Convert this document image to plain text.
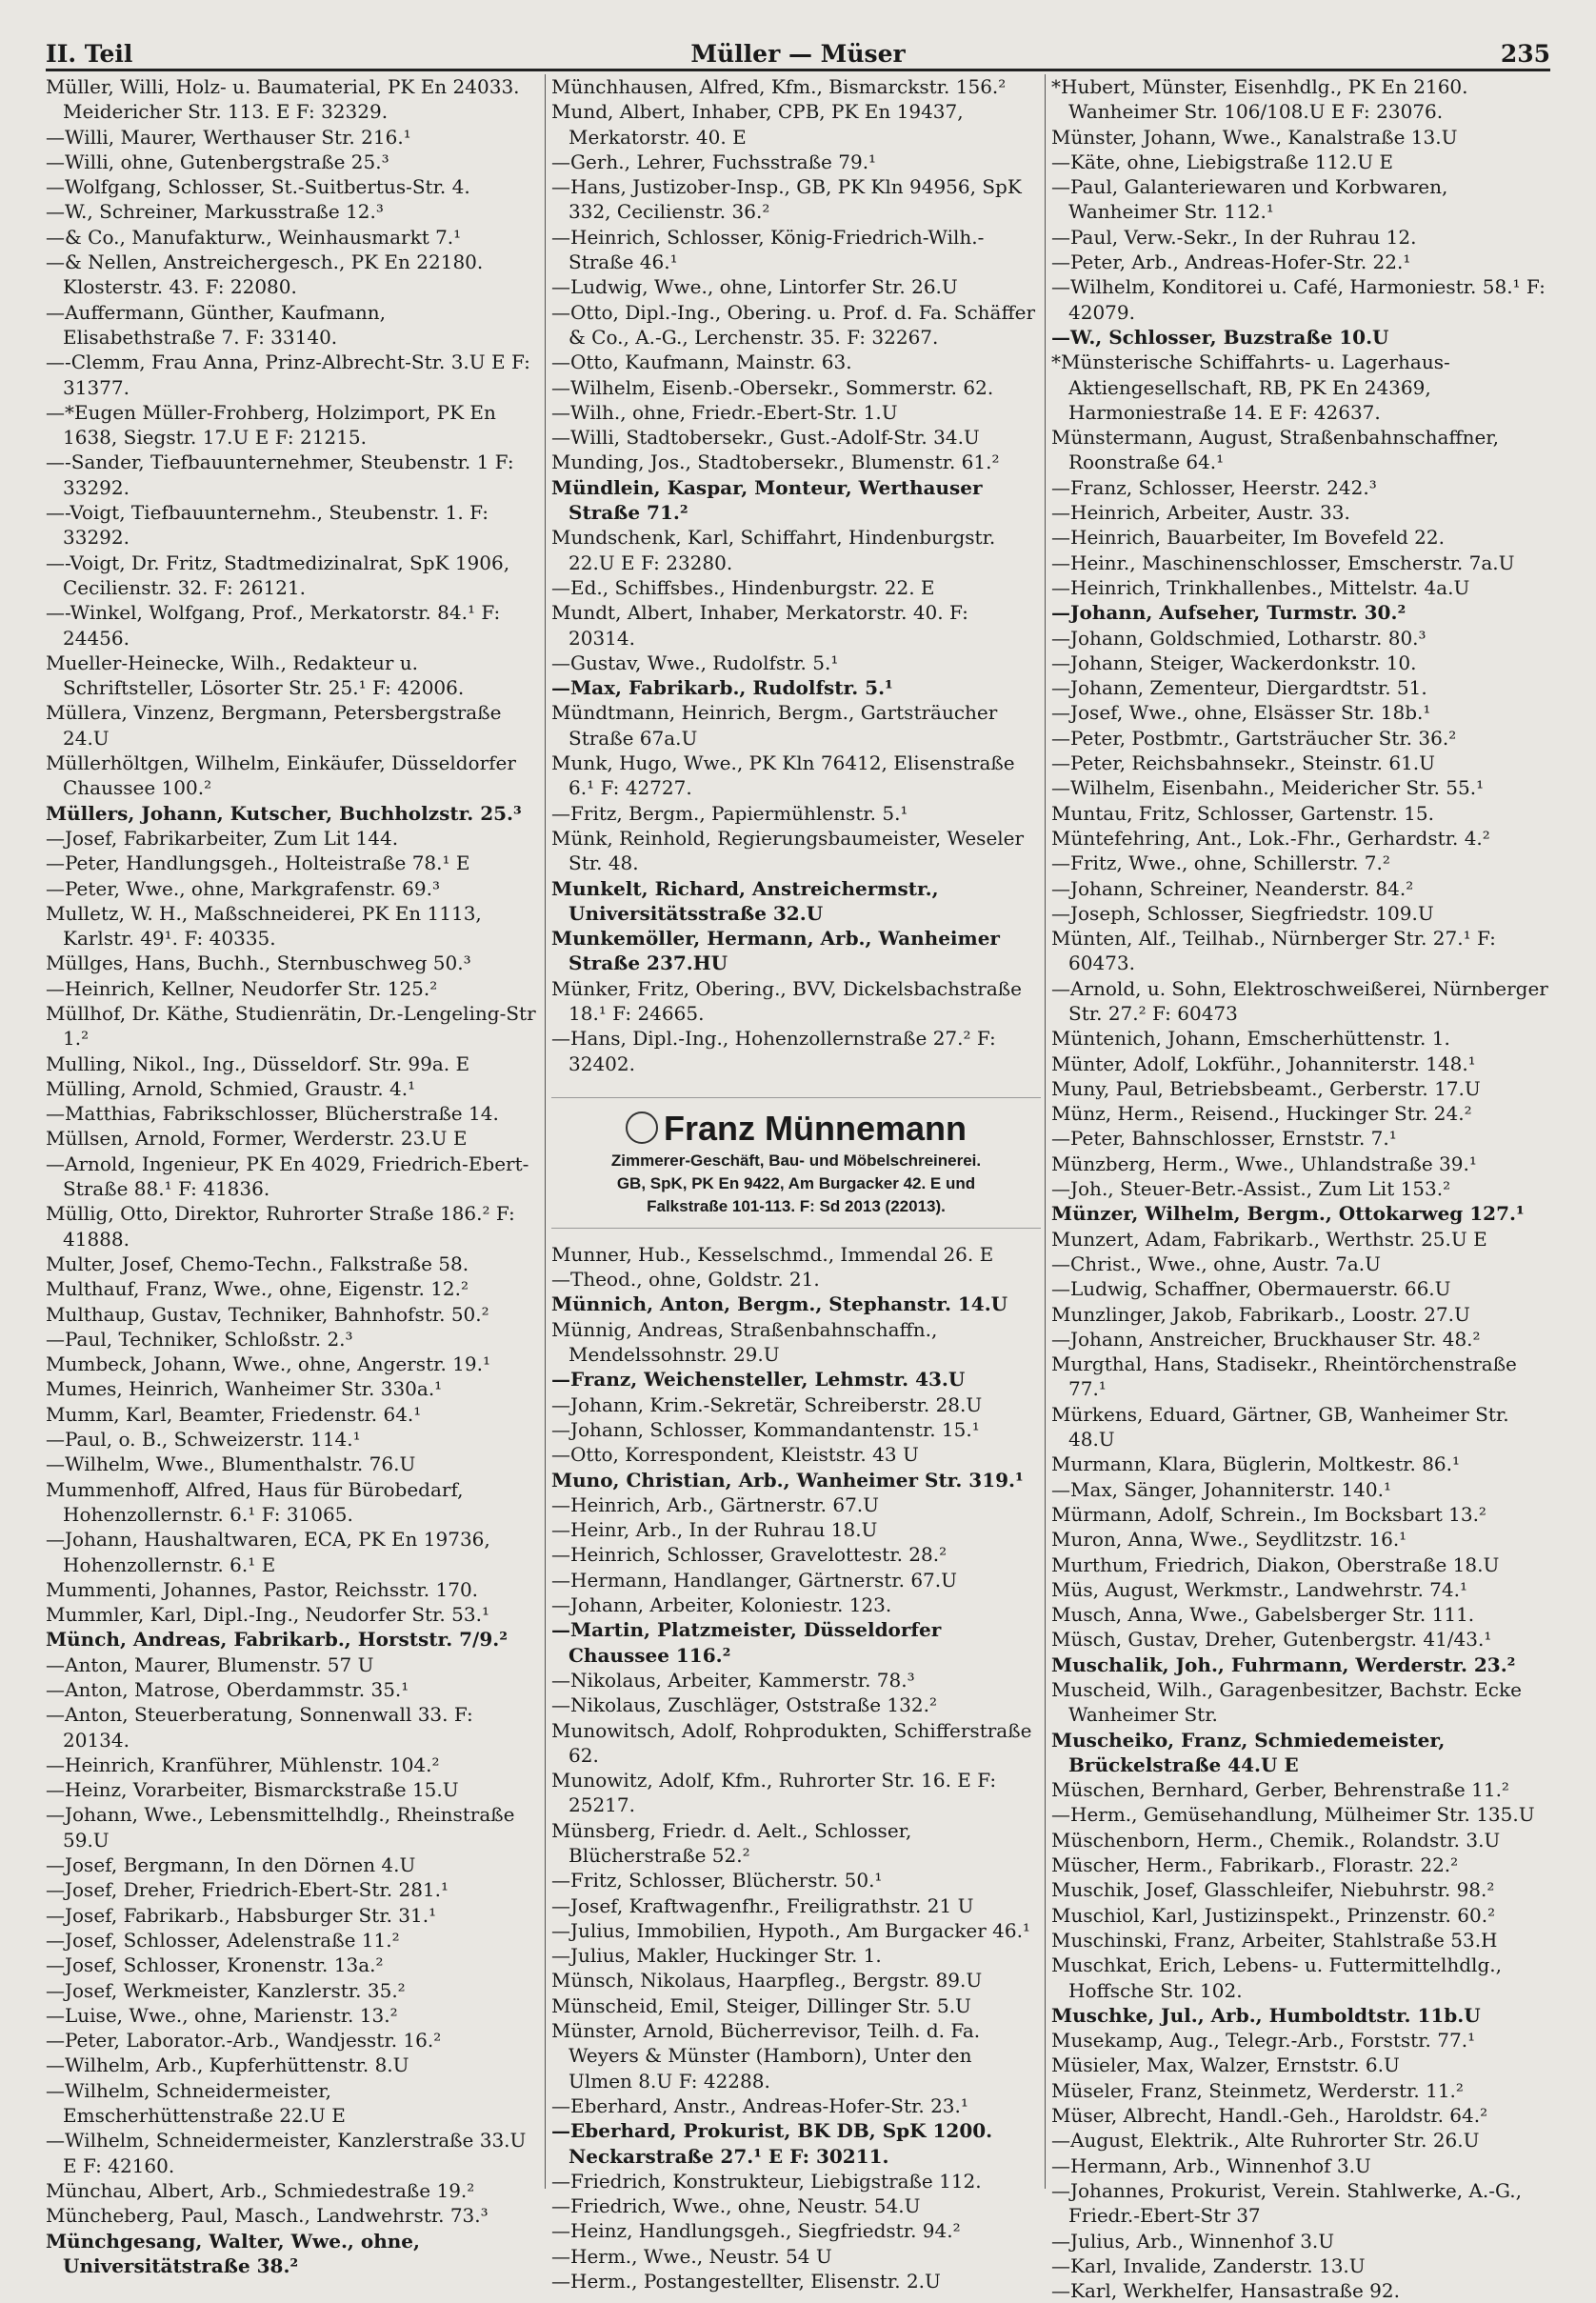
II. Teil	Müller — Müser	235
Müller, Willi, Holz- u. Baumaterial, PK En 24033. Meidericher Str. 113. E F: 32329.
—Willi, Maurer, Werthauser Str. 216.¹
—Willi, ohne, Gutenbergstraße 25.³
—Wolfgang, Schlosser, St.-Suitbertus-Str. 4.
—W., Schreiner, Markusstraße 12.³
—& Co., Manufakturw., Weinhausmarkt 7.¹
—& Nellen, Anstreichergesch., PK En 22180. Klosterstr. 43. F: 22080.
—Auffermann, Günther, Kaufmann, Elisabethstraße 7. F: 33140.
—-Clemm, Frau Anna, Prinz-Albrecht-Str. 3.U E F: 31377.
—*Eugen Müller-Frohberg, Holzimport, PK En 1638, Siegstr. 17.U E F: 21215.
—-Sander, Tiefbauunternehmer, Steubenstr. 1 F: 33292.
—-Voigt, Tiefbauunternehm., Steubenstr. 1. F: 33292.
—-Voigt, Dr. Fritz, Stadtmedizinalrat, SpK 1906, Cecilienstr. 32. F: 26121.
—-Winkel, Wolfgang, Prof., Merkatorstr. 84.¹ F: 24456.
Mueller-Heinecke, Wilh., Redakteur u. Schriftsteller, Lösorter Str. 25.¹ F: 42006.
Müllera, Vinzenz, Bergmann, Petersbergstraße 24.U
Müllerhöltgen, Wilhelm, Einkäufer, Düsseldorfer Chaussee 100.²
Müllers, Johann, Kutscher, Buchholzstr. 25.³
—Josef, Fabrikarbeiter, Zum Lit 144.
—Peter, Handlungsgeh., Holteistraße 78.¹ E
—Peter, Wwe., ohne, Markgrafenstr. 69.³
Mulletz, W. H., Maßschneiderei, PK En 1113, Karlstr. 49¹. F: 40335.
Müllges, Hans, Buchh., Sternbuschweg 50.³
—Heinrich, Kellner, Neudorfer Str. 125.²
Müllhof, Dr. Käthe, Studienrätin, Dr.-Lengeling-Str 1.²
Mulling, Nikol., Ing., Düsseldorf. Str. 99a. E
Mülling, Arnold, Schmied, Graustr. 4.¹
—Matthias, Fabrikschlosser, Blücherstraße 14.
Müllsen, Arnold, Former, Werderstr. 23.U E
—Arnold, Ingenieur, PK En 4029, Friedrich-Ebert-Straße 88.¹ F: 41836.
Müllig, Otto, Direktor, Ruhrorter Straße 186.² F: 41888.
Multer, Josef, Chemo-Techn., Falkstraße 58.
Multhauf, Franz, Wwe., ohne, Eigenstr. 12.²
Multhaup, Gustav, Techniker, Bahnhofstr. 50.²
—Paul, Techniker, Schloßstr. 2.³
Mumbeck, Johann, Wwe., ohne, Angerstr. 19.¹
Mumes, Heinrich, Wanheimer Str. 330a.¹
Mumm, Karl, Beamter, Friedenstr. 64.¹
—Paul, o. B., Schweizerstr. 114.¹
—Wilhelm, Wwe., Blumenthalstr. 76.U
Mummenhoff, Alfred, Haus für Bürobedarf, Hohenzollernstr. 6.¹ F: 31065.
—Johann, Haushaltwaren, ECA, PK En 19736, Hohenzollernstr. 6.¹ E
Mummenti, Johannes, Pastor, Reichsstr. 170.
Mummler, Karl, Dipl.-Ing., Neudorfer Str. 53.¹
Münch, Andreas, Fabrikarb., Horststr. 7/9.²
—Anton, Maurer, Blumenstr. 57 U
—Anton, Matrose, Oberdammstr. 35.¹
—Anton, Steuerberatung, Sonnenwall 33. F: 20134.
—Heinrich, Kranführer, Mühlenstr. 104.²
—Heinz, Vorarbeiter, Bismarckstraße 15.U
—Johann, Wwe., Lebensmittelhdlg., Rheinstraße 59.U
—Josef, Bergmann, In den Dörnen 4.U
—Josef, Dreher, Friedrich-Ebert-Str. 281.¹
—Josef, Fabrikarb., Habsburger Str. 31.¹
—Josef, Schlosser, Adelenstraße 11.²
—Josef, Schlosser, Kronenstr. 13a.²
—Josef, Werkmeister, Kanzlerstr. 35.²
—Luise, Wwe., ohne, Marienstr. 13.²
—Peter, Laborator.-Arb., Wandjesstr. 16.²
—Wilhelm, Arb., Kupferhüttenstr. 8.U
—Wilhelm, Schneidermeister, Emscherhüttenstraße 22.U E
—Wilhelm, Schneidermeister, Kanzlerstraße 33.U E F: 42160.
Münchau, Albert, Arb., Schmiedestraße 19.²
Müncheberg, Paul, Masch., Landwehrstr. 73.³
Münchgesang, Walter, Wwe., ohne, Universitätstraße 38.²
Münchhausen, Alfred, Kfm., Bismarckstr. 156.²
Mund, Albert, Inhaber, CPB, PK En 19437, Merkatorstr. 40. E
—Gerh., Lehrer, Fuchsstraße 79.¹
—Hans, Justizober-Insp., GB, PK Kln 94956, SpK 332, Cecilienstr. 36.²
—Heinrich, Schlosser, König-Friedrich-Wilh.-Straße 46.¹
—Ludwig, Wwe., ohne, Lintorfer Str. 26.U
—Otto, Dipl.-Ing., Obering. u. Prof. d. Fa. Schäffer & Co., A.-G., Lerchenstr. 35. F: 32267.
—Otto, Kaufmann, Mainstr. 63.
—Wilhelm, Eisenb.-Obersekr., Sommerstr. 62.
—Wilh., ohne, Friedr.-Ebert-Str. 1.U
—Willi, Stadtobersekr., Gust.-Adolf-Str. 34.U
Munding, Jos., Stadtobersekr., Blumenstr. 61.²
Mündlein, Kaspar, Monteur, Werthauser Straße 71.²
Mundschenk, Karl, Schiffahrt, Hindenburgstr. 22.U E F: 23280.
—Ed., Schiffsbes., Hindenburgstr. 22. E
Mundt, Albert, Inhaber, Merkatorstr. 40. F: 20314.
—Gustav, Wwe., Rudolfstr. 5.¹
—Max, Fabrikarb., Rudolfstr. 5.¹
Mündtmann, Heinrich, Bergm., Gartsträucher Straße 67a.U
Munk, Hugo, Wwe., PK Kln 76412, Elisenstraße 6.¹ F: 42727.
—Fritz, Bergm., Papiermühlenstr. 5.¹
Münk, Reinhold, Regierungsbaumeister, Weseler Str. 48.
Munkelt, Richard, Anstreichermstr., Universitätsstraße 32.U
Munkemöller, Hermann, Arb., Wanheimer Straße 237.HU
Münker, Fritz, Obering., BVV, Dickelsbachstraße 18.¹ F: 24665.
—Hans, Dipl.-Ing., Hohenzollernstraße 27.² F: 32402.
Franz Münnemann
Zimmerer-Geschäft, Bau- und Möbelschreinerei.
GB, SpK, PK En 9422, Am Burgacker 42. E und
Falkstraße 101-113. F: Sd 2013 (22013).
Munner, Hub., Kesselschmd., Immendal 26. E
—Theod., ohne, Goldstr. 21.
Münnich, Anton, Bergm., Stephanstr. 14.U
Münnig, Andreas, Straßenbahnschaffn., Mendelssohnstr. 29.U
—Franz, Weichensteller, Lehmstr. 43.U
—Johann, Krim.-Sekretär, Schreiberstr. 28.U
—Johann, Schlosser, Kommandantenstr. 15.¹
—Otto, Korrespondent, Kleiststr. 43 U
Muno, Christian, Arb., Wanheimer Str. 319.¹
—Heinrich, Arb., Gärtnerstr. 67.U
—Heinr, Arb., In der Ruhrau 18.U
—Heinrich, Schlosser, Gravelottestr. 28.²
—Hermann, Handlanger, Gärtnerstr. 67.U
—Johann, Arbeiter, Koloniestr. 123.
—Martin, Platzmeister, Düsseldorfer Chaussee 116.²
—Nikolaus, Arbeiter, Kammerstr. 78.³
—Nikolaus, Zuschläger, Oststraße 132.²
Munowitsch, Adolf, Rohprodukten, Schifferstraße 62.
Munowitz, Adolf, Kfm., Ruhrorter Str. 16. E F: 25217.
Münsberg, Friedr. d. Aelt., Schlosser, Blücherstraße 52.²
—Fritz, Schlosser, Blücherstr. 50.¹
—Josef, Kraftwagenfhr., Freiligrathstr. 21 U
—Julius, Immobilien, Hypoth., Am Burgacker 46.¹
—Julius, Makler, Huckinger Str. 1.
Münsch, Nikolaus, Haarpfleg., Bergstr. 89.U
Münscheid, Emil, Steiger, Dillinger Str. 5.U
Münster, Arnold, Bücherrevisor, Teilh. d. Fa. Weyers & Münster (Hamborn), Unter den Ulmen 8.U F: 42288.
—Eberhard, Anstr., Andreas-Hofer-Str. 23.¹
—Eberhard, Prokurist, BK DB, SpK 1200. Neckarstraße 27.¹ E F: 30211.
—Friedrich, Konstrukteur, Liebigstraße 112.
—Friedrich, Wwe., ohne, Neustr. 54.U
—Heinz, Handlungsgeh., Siegfriedstr. 94.²
—Herm., Wwe., Neustr. 54 U
—Herm., Postangestellter, Elisenstr. 2.U
*Hubert, Münster, Eisenhdlg., PK En 2160. Wanheimer Str. 106/108.U E F: 23076.
Münster, Johann, Wwe., Kanalstraße 13.U
—Käte, ohne, Liebigstraße 112.U E
—Paul, Galanteriewaren und Korbwaren, Wanheimer Str. 112.¹
—Paul, Verw.-Sekr., In der Ruhrau 12.
—Peter, Arb., Andreas-Hofer-Str. 22.¹
—Wilhelm, Konditorei u. Café, Harmoniestr. 58.¹ F: 42079.
—W., Schlosser, Buzstraße 10.U
*Münsterische Schiffahrts- u. Lagerhaus-Aktiengesellschaft, RB, PK En 24369, Harmoniestraße 14. E F: 42637.
Münstermann, August, Straßenbahnschaffner, Roonstraße 64.¹
—Franz, Schlosser, Heerstr. 242.³
—Heinrich, Arbeiter, Austr. 33.
—Heinrich, Bauarbeiter, Im Bovefeld 22.
—Heinr., Maschinenschlosser, Emscherstr. 7a.U
—Heinrich, Trinkhallenbes., Mittelstr. 4a.U
—Johann, Aufseher, Turmstr. 30.²
—Johann, Goldschmied, Lotharstr. 80.³
—Johann, Steiger, Wackerdonkstr. 10.
—Johann, Zementeur, Diergardtstr. 51.
—Josef, Wwe., ohne, Elsässer Str. 18b.¹
—Peter, Postbmtr., Gartsträucher Str. 36.²
—Peter, Reichsbahnsekr., Steinstr. 61.U
—Wilhelm, Eisenbahn., Meidericher Str. 55.¹
Muntau, Fritz, Schlosser, Gartenstr. 15.
Müntefehring, Ant., Lok.-Fhr., Gerhardstr. 4.²
—Fritz, Wwe., ohne, Schillerstr. 7.²
—Johann, Schreiner, Neanderstr. 84.²
—Joseph, Schlosser, Siegfriedstr. 109.U
Münten, Alf., Teilhab., Nürnberger Str. 27.¹ F: 60473.
—Arnold, u. Sohn, Elektroschweißerei, Nürnberger Str. 27.² F: 60473
Müntenich, Johann, Emscherhüttenstr. 1.
Münter, Adolf, Lokführ., Johanniterstr. 148.¹
Muny, Paul, Betriebsbeamt., Gerberstr. 17.U
Münz, Herm., Reisend., Huckinger Str. 24.²
—Peter, Bahnschlosser, Ernststr. 7.¹
Münzberg, Herm., Wwe., Uhlandstraße 39.¹
—Joh., Steuer-Betr.-Assist., Zum Lit 153.²
Münzer, Wilhelm, Bergm., Ottokarweg 127.¹
Munzert, Adam, Fabrikarb., Werthstr. 25.U E
—Christ., Wwe., ohne, Austr. 7a.U
—Ludwig, Schaffner, Obermauerstr. 66.U
Munzlinger, Jakob, Fabrikarb., Loostr. 27.U
—Johann, Anstreicher, Bruckhauser Str. 48.²
Murgthal, Hans, Stadisekr., Rheintörchenstraße 77.¹
Mürkens, Eduard, Gärtner, GB, Wanheimer Str. 48.U
Murmann, Klara, Büglerin, Moltkestr. 86.¹
—Max, Sänger, Johanniterstr. 140.¹
Mürmann, Adolf, Schrein., Im Bocksbart 13.²
Muron, Anna, Wwe., Seydlitzstr. 16.¹
Murthum, Friedrich, Diakon, Oberstraße 18.U
Müs, August, Werkmstr., Landwehrstr. 74.¹
Musch, Anna, Wwe., Gabelsberger Str. 111.
Müsch, Gustav, Dreher, Gutenbergstr. 41/43.¹
Muschalik, Joh., Fuhrmann, Werderstr. 23.²
Muscheid, Wilh., Garagenbesitzer, Bachstr. Ecke Wanheimer Str.
Muscheiko, Franz, Schmiedemeister, Brückelstraße 44.U E
Müschen, Bernhard, Gerber, Behrenstraße 11.²
—Herm., Gemüsehandlung, Mülheimer Str. 135.U
Müschenborn, Herm., Chemik., Rolandstr. 3.U
Müscher, Herm., Fabrikarb., Florastr. 22.²
Muschik, Josef, Glasschleifer, Niebuhrstr. 98.²
Muschiol, Karl, Justizinspekt., Prinzenstr. 60.²
Muschinski, Franz, Arbeiter, Stahlstraße 53.H
Muschkat, Erich, Lebens- u. Futtermittelhdlg., Hoffsche Str. 102.
Muschke, Jul., Arb., Humboldtstr. 11b.U
Musekamp, Aug., Telegr.-Arb., Forststr. 77.¹
Müsieler, Max, Walzer, Ernststr. 6.U
Müseler, Franz, Steinmetz, Werderstr. 11.²
Müser, Albrecht, Handl.-Geh., Haroldstr. 64.²
—August, Elektrik., Alte Ruhrorter Str. 26.U
—Hermann, Arb., Winnenhof 3.U
—Johannes, Prokurist, Verein. Stahlwerke, A.-G., Friedr.-Ebert-Str 37
—Julius, Arb., Winnenhof 3.U
—Karl, Invalide, Zanderstr. 13.U
—Karl, Werkhelfer, Hansastraße 92.
